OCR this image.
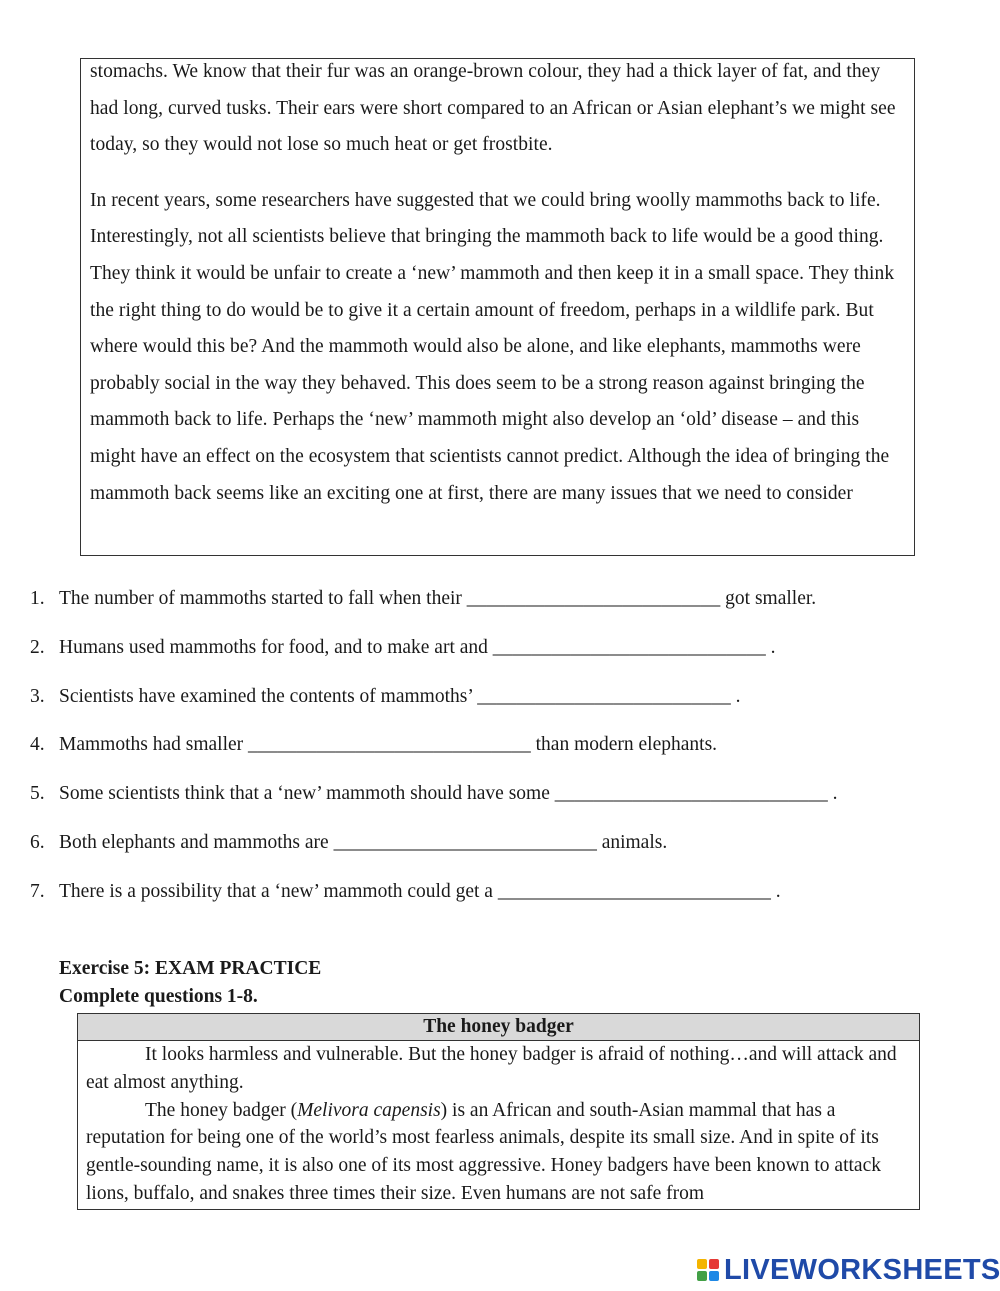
stomachs. We know that their fur was an orange-brown colour, they had a thick layer of fat, and they had long, curved tusks. Their ears were short compared to an African or Asian elephant’s we might see today, so they would not lose so much heat or get frostbite.

In recent years, some researchers have suggested that we could bring woolly mammoths back to life. Interestingly, not all scientists believe that bringing the mammoth back to life would be a good thing. They think it would be unfair to create a ‘new’ mammoth and then keep it in a small space. They think the right thing to do would be to give it a certain amount of freedom, perhaps in a wildlife park. But where would this be? And the mammoth would also be alone, and like elephants, mammoths were probably social in the way they behaved. This does seem to be a strong reason against bringing the mammoth back to life. Perhaps the ‘new’ mammoth might also develop an ‘old’ disease – and this might have an effect on the ecosystem that scientists cannot predict. Although the idea of bringing the mammoth back seems like an exciting one at first, there are many issues that we need to consider

1. The number of mammoths started to fall when their __________________________ got smaller.
2. Humans used mammoths for food, and to make art and ____________________________ .
3. Scientists have examined the contents of mammoths’ __________________________ .
4. Mammoths had smaller _____________________________ than modern elephants.
5. Some scientists think that a ‘new’ mammoth should have some ____________________________ .
6. Both elephants and mammoths are ___________________________ animals.
7. There is a possibility that a ‘new’ mammoth could get a ____________________________ .
Exercise 5: EXAM PRACTICE
Complete questions 1-8.
The honey badger

It looks harmless and vulnerable. But the honey badger is afraid of nothing…and will attack and eat almost anything.

The honey badger (Melivora capensis) is an African and south-Asian mammal that has a reputation for being one of the world’s most fearless animals, despite its small size. And in spite of its gentle-sounding name, it is also one of its most aggressive. Honey badgers have been known to attack lions, buffalo, and snakes three times their size. Even humans are not safe from

LIVEWORKSHEETS
